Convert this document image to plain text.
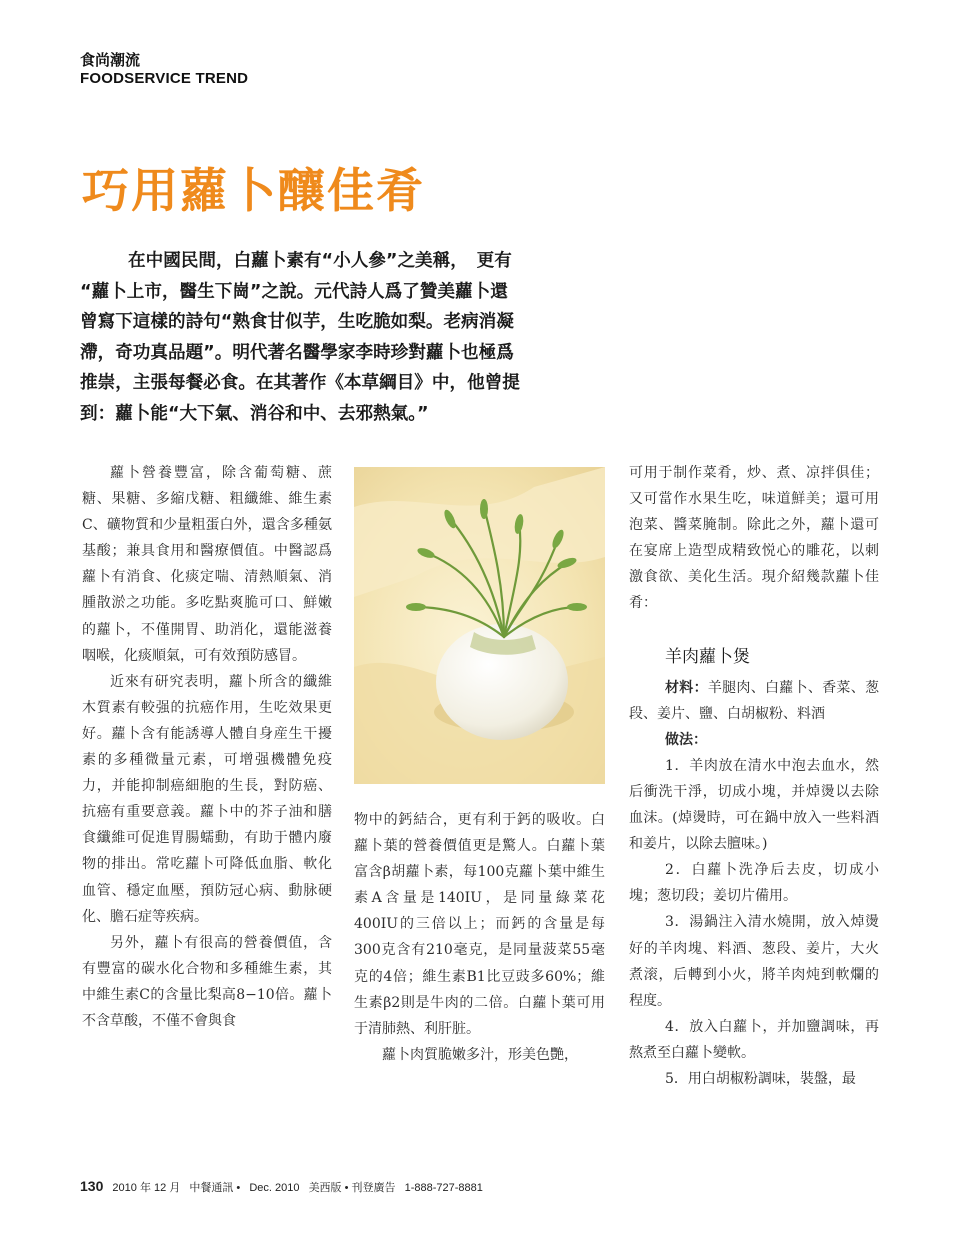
食尚潮流
FOODSERVICE TREND
巧用蘿卜釀佳肴
在中國民間，白蘿卜素有“小人參”之美稱，　更有
“蘿卜上市，醫生下崗”之說。元代詩人爲了贊美蘿卜還
曾寫下這樣的詩句“熟食甘似芋，生吃脆如梨。老病消凝
滯，奇功真品題”。明代著名醫學家李時珍對蘿卜也極爲
推崇，主張每餐必食。在其著作《本草綱目》中，他曾提
到：蘿卜能“大下氣、消谷和中、去邪熱氣。”

蘿卜營養豐富，除含葡萄糖、蔗糖、果糖、多縮戊糖、粗纖維、維生素C、礦物質和少量粗蛋白外，還含多種氨基酸；兼具食用和醫療價值。中醫認爲蘿卜有消食、化痰定喘、清熱順氣、消腫散淤之功能。多吃點爽脆可口、鮮嫩的蘿卜，不僅開胃、助消化，還能滋養咽喉，化痰順氣，可有效預防感冒。

近來有研究表明，蘿卜所含的纖維木質素有較强的抗癌作用，生吃效果更好。蘿卜含有能誘導人體自身産生干擾素的多種微量元素，可增强機體免疫力，并能抑制癌細胞的生長，對防癌、抗癌有重要意義。蘿卜中的芥子油和膳食纖維可促進胃腸蠕動，有助于體内廢物的排出。常吃蘿卜可降低血脂、軟化血管、穩定血壓，預防冠心病、動脉硬化、膽石症等疾病。

另外，蘿卜有很高的營養價值，含有豐富的碳水化合物和多種維生素，其中維生素C的含量比梨高8−10倍。蘿卜不含草酸，不僅不會與食

物中的鈣結合，更有利于鈣的吸收。白蘿卜葉的營養價值更是驚人。白蘿卜葉富含β胡蘿卜素，每100克蘿卜葉中維生素A含量是140IU，是同量綠菜花400IU的三倍以上；而鈣的含量是每300克含有210毫克，是同量菠菜55毫克的4倍；維生素B1比豆豉多60%；維生素β2則是牛肉的二倍。白蘿卜葉可用于清肺熱、利肝脏。

蘿卜肉質脆嫩多汁，形美色艷，

可用于制作菜肴，炒、煮、凉拌俱佳；又可當作水果生吃，味道鮮美；還可用泡菜、醬菜腌制。除此之外，蘿卜還可在宴席上造型成精致悦心的雕花，以刺激食欲、美化生活。現介紹幾款蘿卜佳肴：

羊肉蘿卜煲

材料：羊腿肉、白蘿卜、香菜、葱段、姜片、鹽、白胡椒粉、料酒

做法：

1．羊肉放在清水中泡去血水，然后衝洗干淨，切成小塊，并焯燙以去除血沫。(焯燙時，可在鍋中放入一些料酒和姜片，以除去膻味。)

2．白蘿卜洗净后去皮，切成小塊；葱切段；姜切片備用。

3．湯鍋注入清水燒開，放入焯燙好的羊肉塊、料酒、葱段、姜片，大火煮滚，后轉到小火，將羊肉炖到軟爛的程度。

4．放入白蘿卜，并加鹽調味，再熬煮至白蘿卜變軟。

5．用白胡椒粉調味，裝盤，最

130 2010 年 12 月 中餐通訊 • Dec. 2010 美西版 • 刊登廣告 1-888-727-8881
